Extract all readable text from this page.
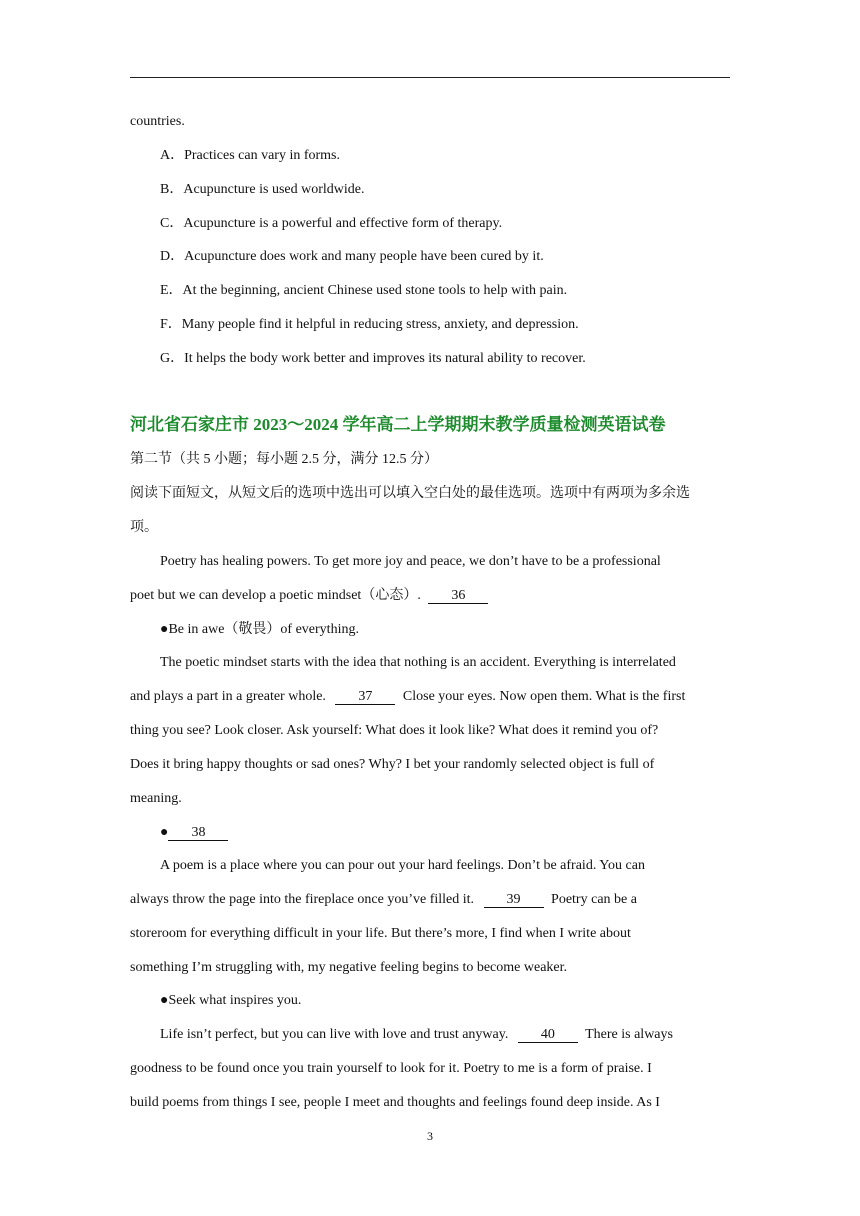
countries.
A．Practices can vary in forms.
B．Acupuncture is used worldwide.
C．Acupuncture is a powerful and effective form of therapy.
D．Acupuncture does work and many people have been cured by it.
E．At the beginning, ancient Chinese used stone tools to help with pain.
F．Many people find it helpful in reducing stress, anxiety, and depression.
G．It helps the body work better and improves its natural ability to recover.
河北省石家庄市 2023～2024 学年高二上学期期末教学质量检测英语试卷
第二节（共 5 小题；每小题 2.5 分，满分 12.5 分）
阅读下面短文，从短文后的选项中选出可以填入空白处的最佳选项。选项中有两项为多余选
项。
Poetry has healing powers. To get more joy and peace, we don’t have to be a professional
poet but we can develop a poetic mindset（心态）. 36
●Be in awe（敬畏）of everything.
The poetic mindset starts with the idea that nothing is an accident. Everything is interrelated
and plays a part in a greater whole. 37 Close your eyes. Now open them. What is the first
thing you see? Look closer. Ask yourself: What does it look like? What does it remind you of?
Does it bring happy thoughts or sad ones? Why? I bet your randomly selected object is full of
meaning.
● 38
A poem is a place where you can pour out your hard feelings. Don’t be afraid. You can
always throw the page into the fireplace once you’ve filled it. 39 Poetry can be a
storeroom for everything difficult in your life. But there’s more, I find when I write about
something I’m struggling with, my negative feeling begins to become weaker.
●Seek what inspires you.
Life isn’t perfect, but you can live with love and trust anyway. 40 There is always
goodness to be found once you train yourself to look for it. Poetry to me is a form of praise. I
build poems from things I see, people I meet and thoughts and feelings found deep inside. As I
3
